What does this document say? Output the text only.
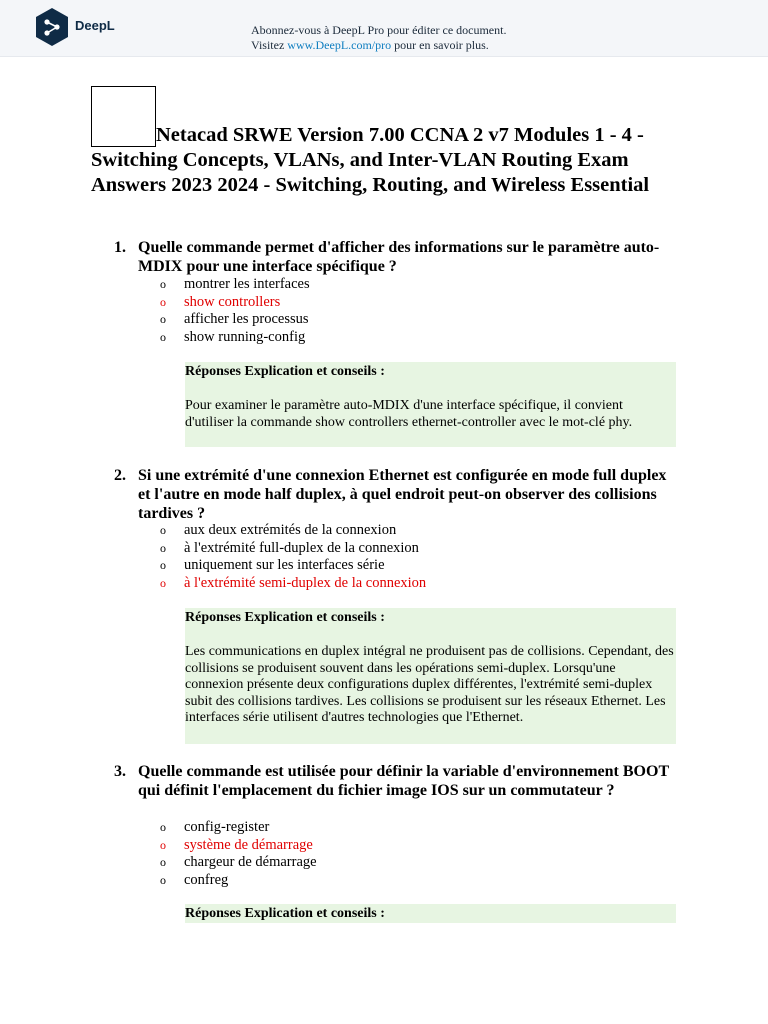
DeepL	Abonnez-vous à DeepL Pro pour éditer ce document.
Visitez www.DeepL.com/pro pour en savoir plus.
Netacad SRWE Version 7.00 CCNA 2 v7 Modules 1 - 4 - Switching Concepts, VLANs, and Inter-VLAN Routing Exam Answers 2023 2024 - Switching, Routing, and Wireless Essential
1. Quelle commande permet d'afficher des informations sur le paramètre auto-MDIX pour une interface spécifique ?
o montrer les interfaces
o show controllers
o afficher les processus
o show running-config
Réponses Explication et conseils :
Pour examiner le paramètre auto-MDIX d'une interface spécifique, il convient d'utiliser la commande show controllers ethernet-controller avec le mot-clé phy.
2. Si une extrémité d'une connexion Ethernet est configurée en mode full duplex et l'autre en mode half duplex, à quel endroit peut-on observer des collisions tardives ?
o aux deux extrémités de la connexion
o à l'extrémité full-duplex de la connexion
o uniquement sur les interfaces série
o à l'extrémité semi-duplex de la connexion
Réponses Explication et conseils :
Les communications en duplex intégral ne produisent pas de collisions. Cependant, des collisions se produisent souvent dans les opérations semi-duplex. Lorsqu'une connexion présente deux configurations duplex différentes, l'extrémité semi-duplex subit des collisions tardives. Les collisions se produisent sur les réseaux Ethernet. Les interfaces série utilisent d'autres technologies que l'Ethernet.
3. Quelle commande est utilisée pour définir la variable d'environnement BOOT qui définit l'emplacement du fichier image IOS sur un commutateur ?
o config-register
o système de démarrage
o chargeur de démarrage
o confreg
Réponses Explication et conseils :
